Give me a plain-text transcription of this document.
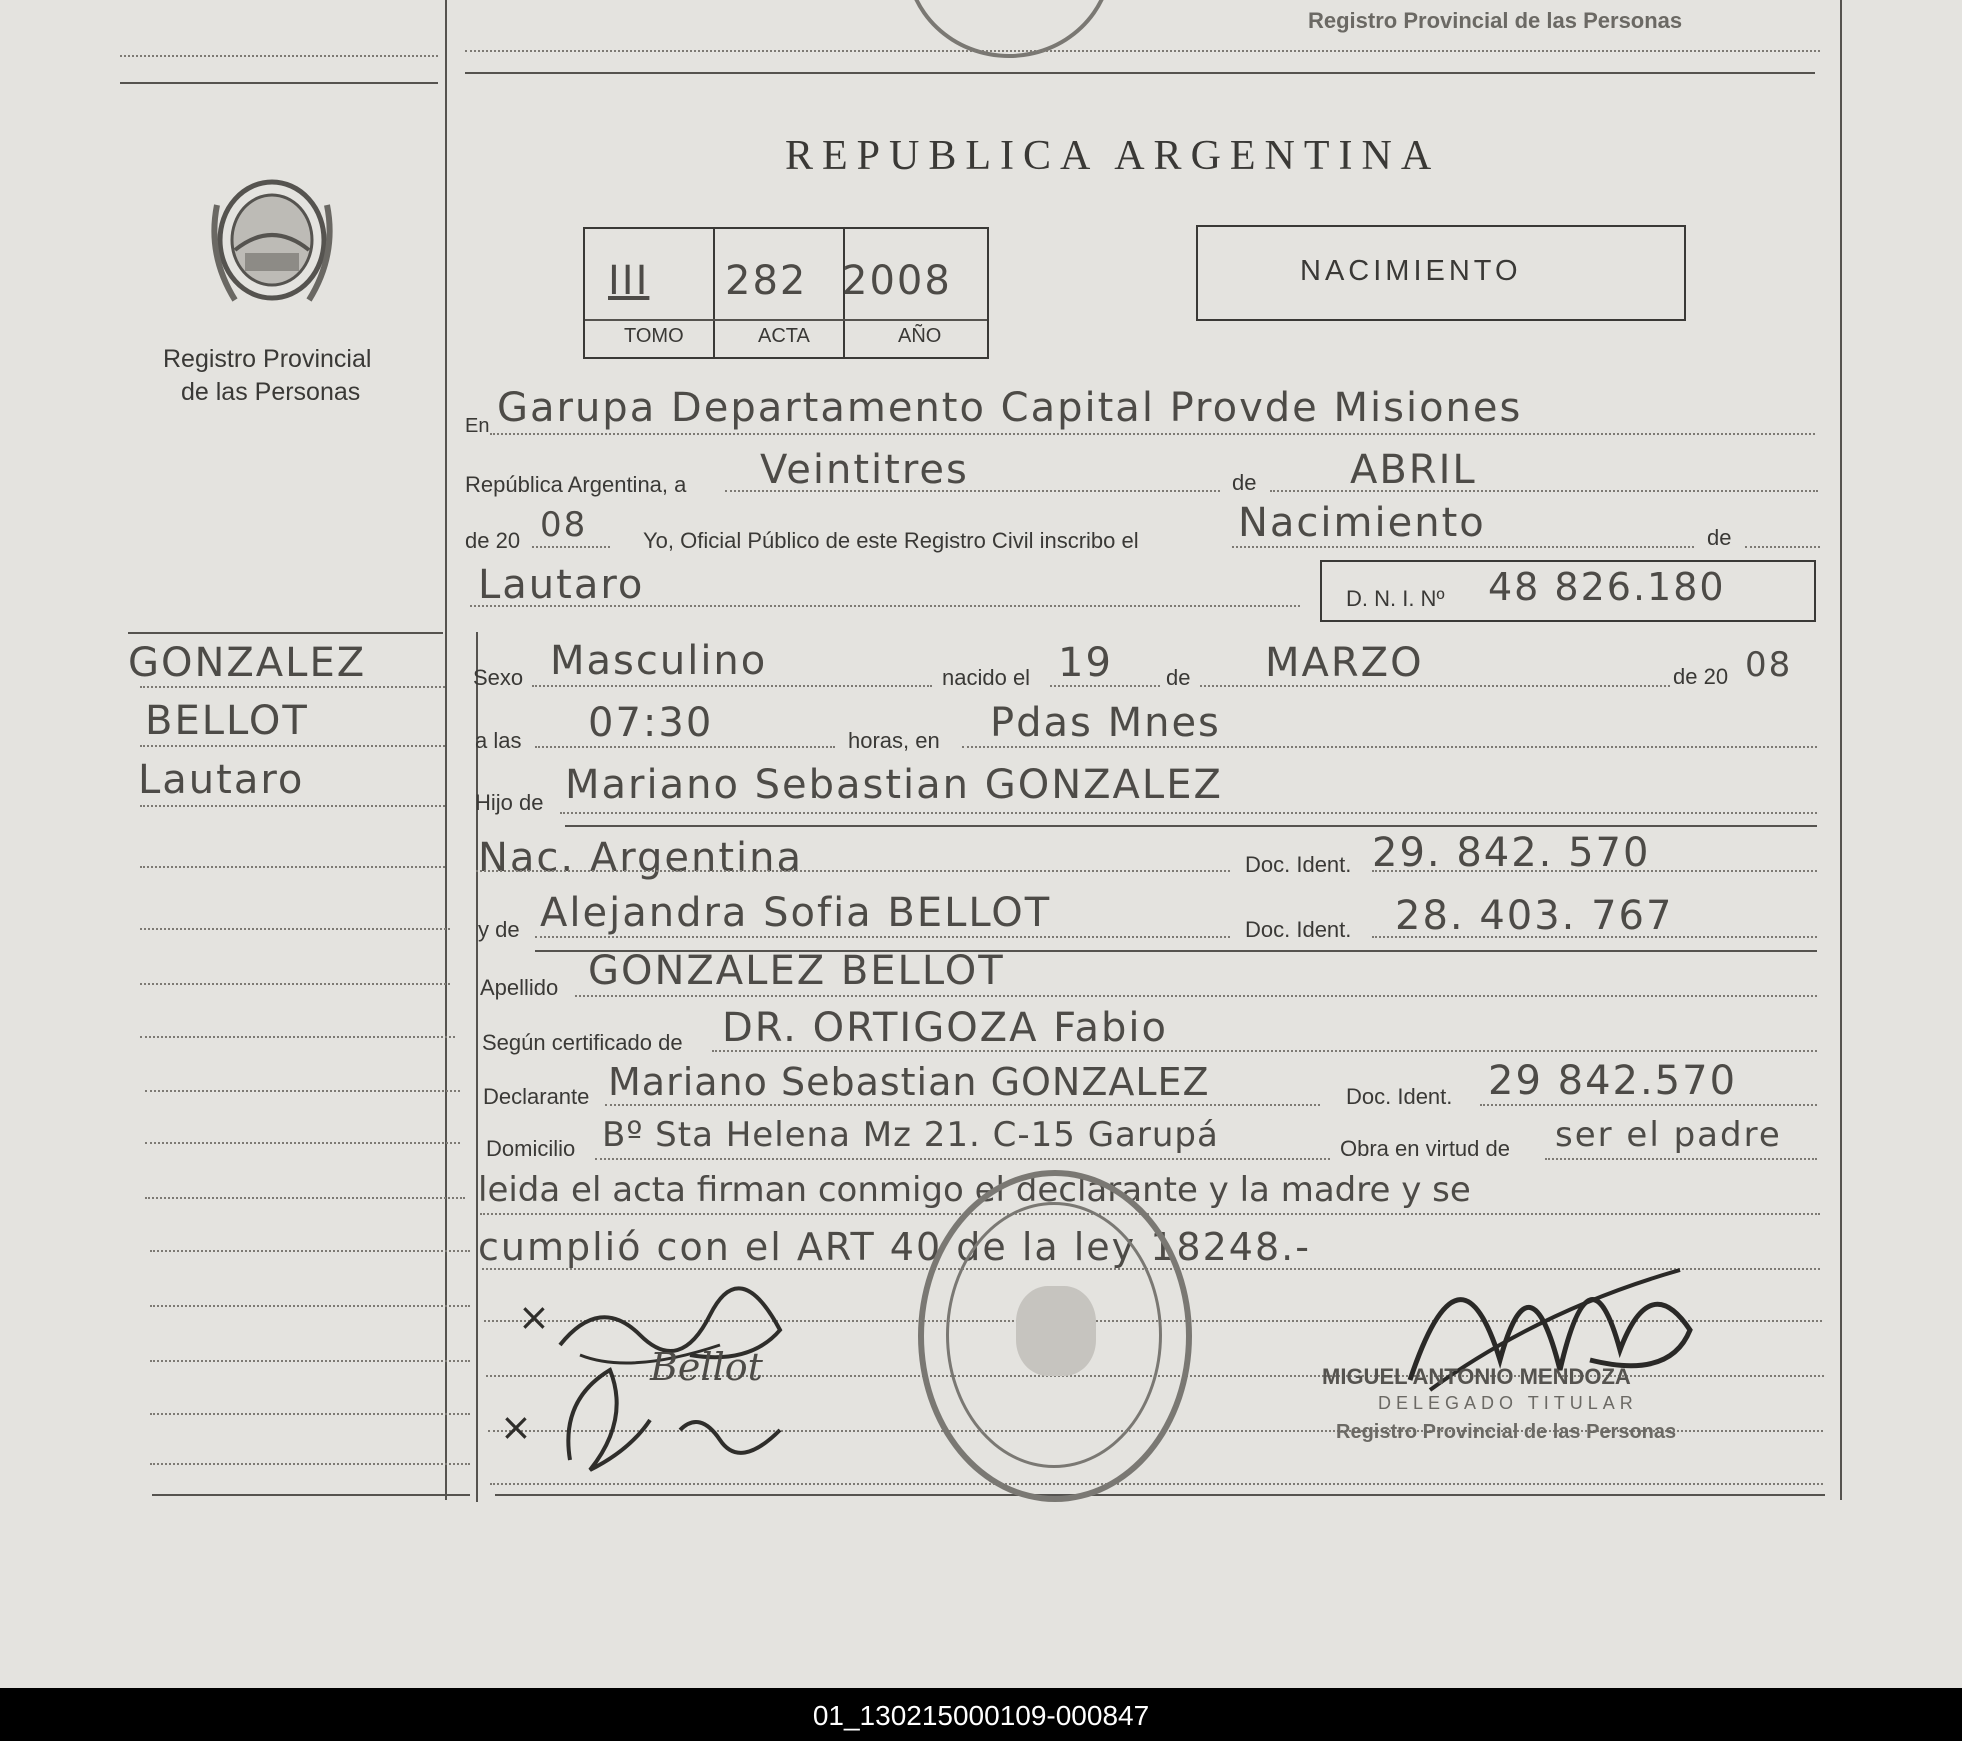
Registro Provincial de las Personas
REPUBLICA ARGENTINA
Registro Provincial
de las Personas
GONZALEZ
BELLOT
Lautaro
III 282 2008
TOMO	ACTA	AÑO
NACIMIENTO
En Garupa Departamento Capital Provde Misiones
República Argentina, a Veintitres	de ABRIL
de 20 08	Yo, Oficial Público de este Registro Civil inscribo el Nacimiento	de
Lautaro	D. N. I. Nº 48 826.180
Sexo Masculino	nacido el 19 de MARZO	de 20 08
a las 07:30	horas, en Pdas Mnes
Hijo de Mariano Sebastian GONZALEZ
Nac. Argentina	Doc. Ident. 29. 842. 570
y de Alejandra Sofia BELLOT	Doc. Ident. 28. 403. 767
Apellido GONZALEZ BELLOT
Según certificado de DR. ORTIGOZA Fabio
Declarante Mariano Sebastian GONZALEZ	Doc. Ident. 29 842.570
Domicilio Bº Sta Helena Mz 21. C-15 Garupá	Obra en virtud de ser el padre
leida el acta firman conmigo el declarante y la madre y se
cumplió con el ART 40 de la ley 18248.-
×
×
Bellot	MIGUEL ANTONIO MENDOZA
DELEGADO TITULAR
Registro Provincial de las Personas
01_130215000109-000847
